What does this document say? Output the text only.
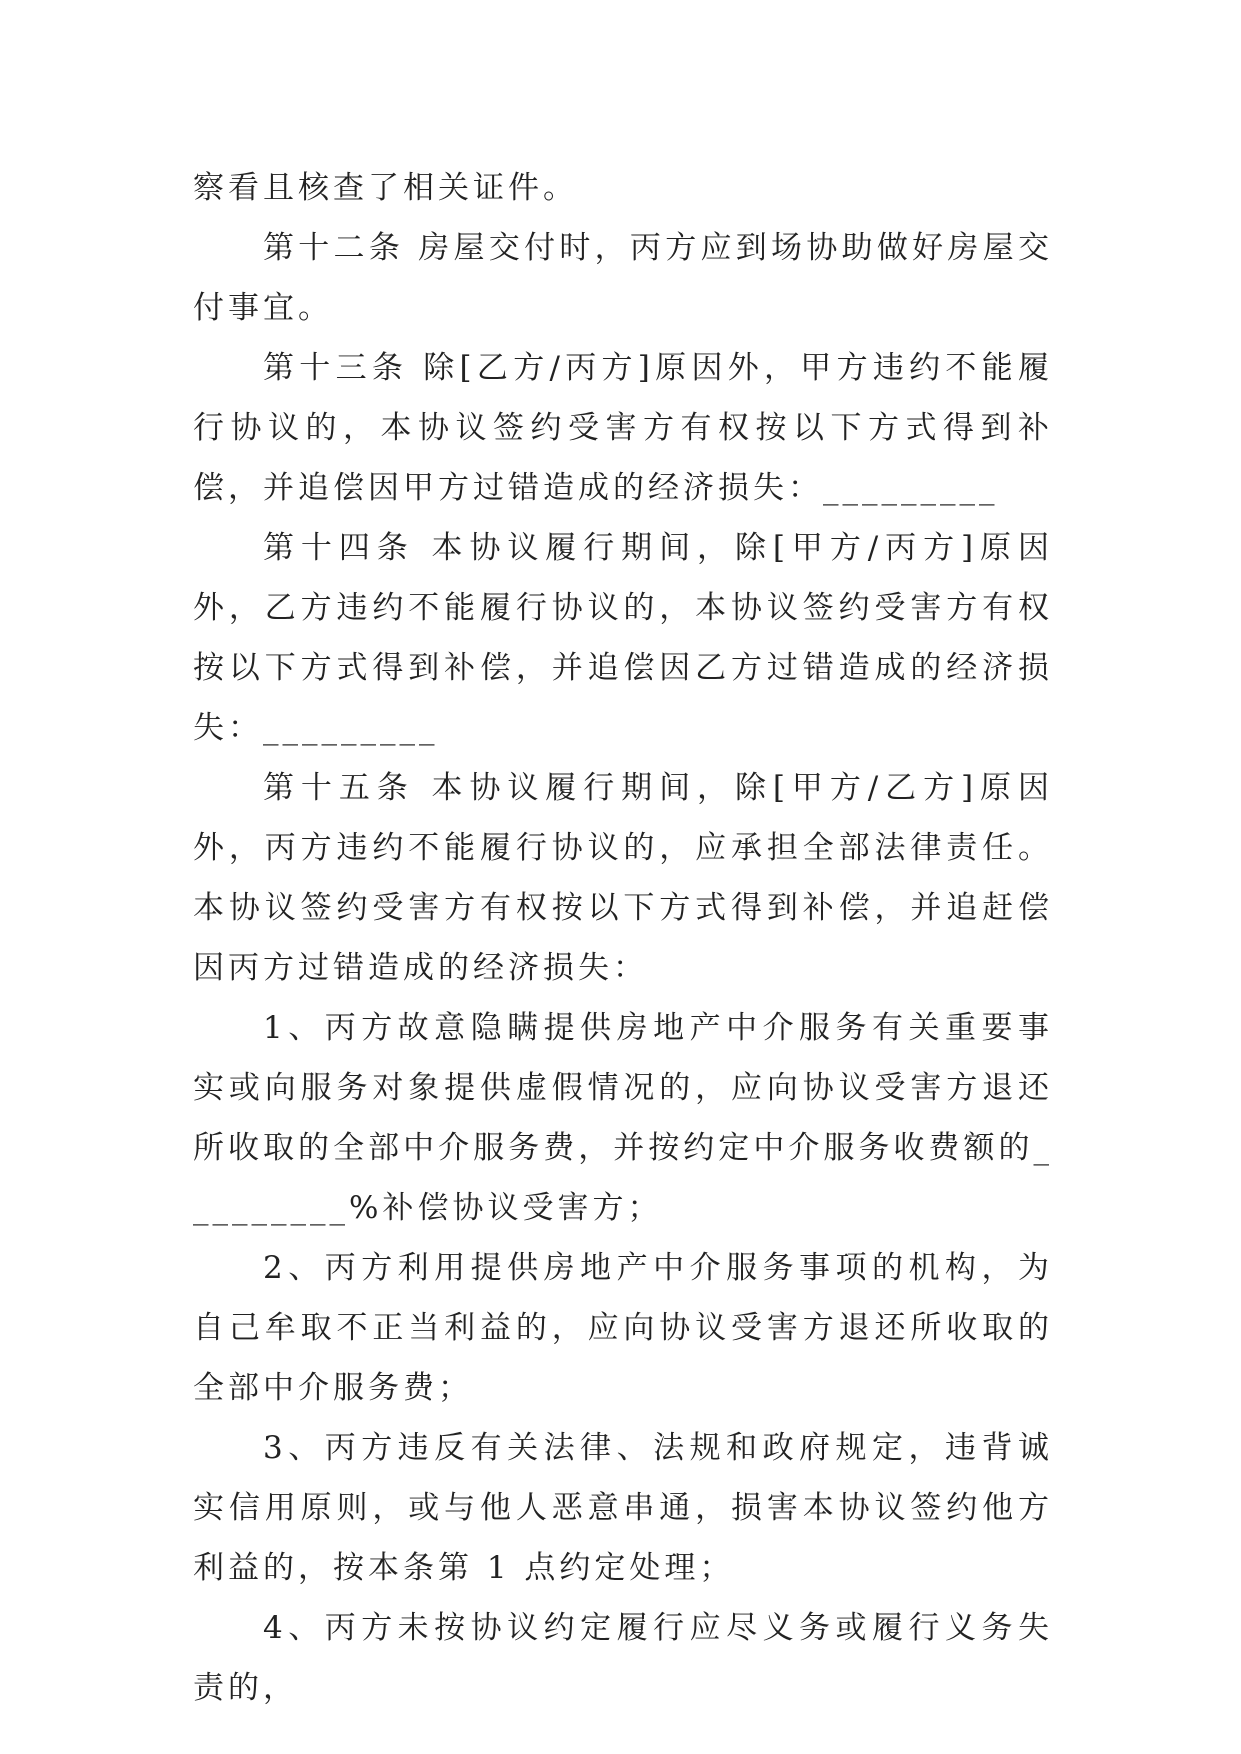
察看且核查了相关证件。

第十二条 房屋交付时，丙方应到场协助做好房屋交付事宜。

第十三条 除[乙方/丙方]原因外，甲方违约不能履行协议的，本协议签约受害方有权按以下方式得到补偿，并追偿因甲方过错造成的经济损失：_________

第十四条 本协议履行期间，除[甲方/丙方]原因外，乙方违约不能履行协议的，本协议签约受害方有权按以下方式得到补偿，并追偿因乙方过错造成的经济损失：_________

第十五条 本协议履行期间，除[甲方/乙方]原因外，丙方违约不能履行协议的，应承担全部法律责任。本协议签约受害方有权按以下方式得到补偿，并追赶偿因丙方过错造成的经济损失：

1、丙方故意隐瞒提供房地产中介服务有关重要事实或向服务对象提供虚假情况的，应向协议受害方退还所收取的全部中介服务费，并按约定中介服务收费额的_________%补偿协议受害方；

2、丙方利用提供房地产中介服务事项的机构，为自己牟取不正当利益的，应向协议受害方退还所收取的全部中介服务费；

3、丙方违反有关法律、法规和政府规定，违背诚实信用原则，或与他人恶意串通，损害本协议签约他方利益的，按本条第 1 点约定处理；

4、丙方未按协议约定履行应尽义务或履行义务失责的，
